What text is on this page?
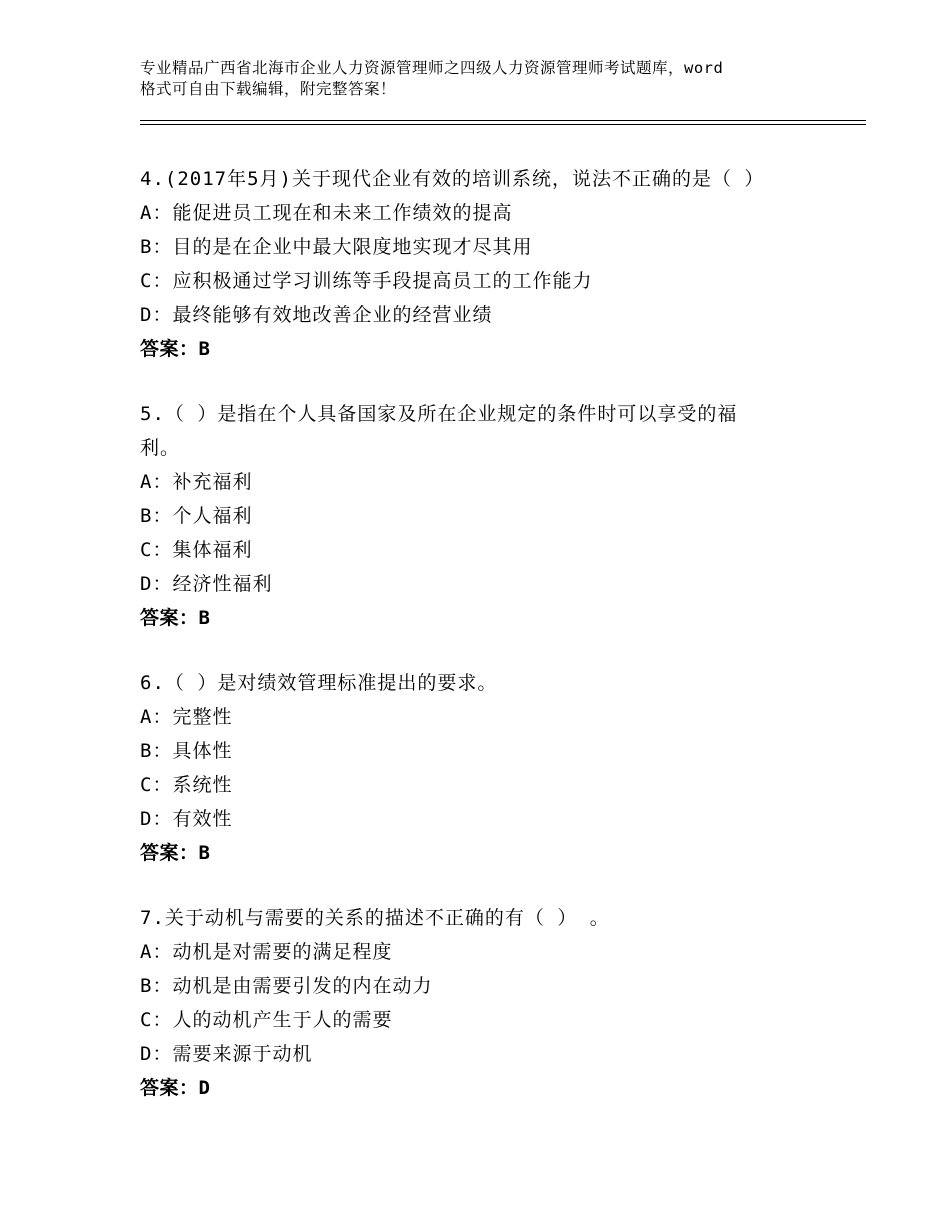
专业精品广西省北海市企业人力资源管理师之四级人力资源管理师考试题库，word
格式可自由下载编辑，附完整答案！
4.(2017年5月)关于现代企业有效的培训系统，说法不正确的是（ ）
A：能促进员工现在和未来工作绩效的提高
B：目的是在企业中最大限度地实现才尽其用
C：应积极通过学习训练等手段提高员工的工作能力
D：最终能够有效地改善企业的经营业绩
答案：B
5.（ ）是指在个人具备国家及所在企业规定的条件时可以享受的福
利。
A：补充福利
B：个人福利
C：集体福利
D：经济性福利
答案：B
6.（ ）是对绩效管理标准提出的要求。
A：完整性
B：具体性
C：系统性
D：有效性
答案：B
7.关于动机与需要的关系的描述不正确的有（ ） 。
A：动机是对需要的满足程度
B：动机是由需要引发的内在动力
C：人的动机产生于人的需要
D：需要来源于动机
答案：D
